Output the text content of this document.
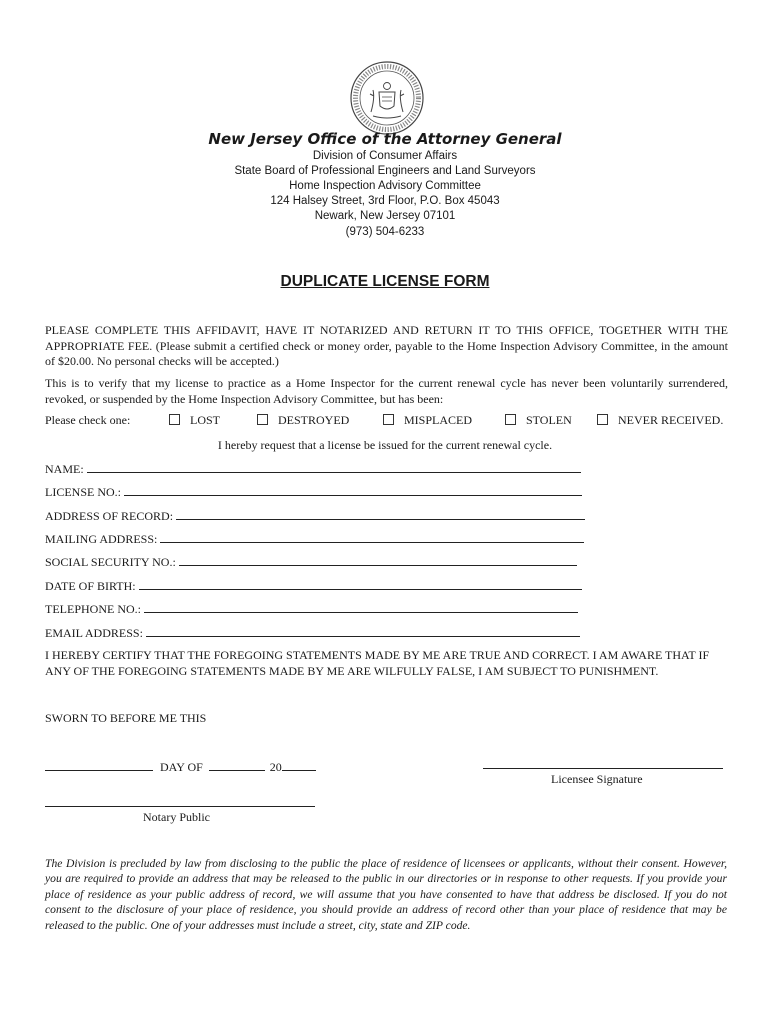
New Jersey Office of the Attorney General
Division of Consumer Affairs
State Board of Professional Engineers and Land Surveyors
Home Inspection Advisory Committee
124 Halsey Street, 3rd Floor, P.O. Box 45043
Newark, New Jersey 07101
(973) 504-6233
DUPLICATE LICENSE FORM
PLEASE COMPLETE THIS AFFIDAVIT, HAVE IT NOTARIZED AND RETURN IT TO THIS OFFICE, TOGETHER WITH THE APPROPRIATE FEE. (Please submit a certified check or money order, payable to the Home Inspection Advisory Committee, in the amount of $20.00. No personal checks will be accepted.)
This is to verify that my license to practice as a Home Inspector for the current renewal cycle has never been voluntarily surrendered, revoked, or suspended by the Home Inspection Advisory Committee, but has been:
Please check one:	LOST	DESTROYED	MISPLACED	STOLEN	NEVER RECEIVED.
I hereby request that a license be issued for the current renewal cycle.
NAME:
LICENSE NO.:
ADDRESS OF RECORD:
MAILING ADDRESS:
SOCIAL SECURITY NO.:
DATE OF BIRTH:
TELEPHONE NO.:
EMAIL ADDRESS:
I HEREBY CERTIFY THAT THE FOREGOING STATEMENTS MADE BY ME ARE TRUE AND CORRECT. I AM AWARE THAT IF ANY OF THE FOREGOING STATEMENTS MADE BY ME ARE WILFULLY FALSE, I AM SUBJECT TO PUNISHMENT.
SWORN TO BEFORE ME THIS
DAY OF	20
Licensee Signature
Notary Public
The Division is precluded by law from disclosing to the public the place of residence of licensees or applicants, without their consent. However, you are required to provide an address that may be released to the public in our directories or in response to other requests. If you provide your place of residence as your public address of record, we will assume that you have consented to have that address be disclosed. If you do not consent to the disclosure of your place of residence, you should provide an address of record other than your place of residence that may be released to the public. One of your addresses must include a street, city, state and ZIP code.
